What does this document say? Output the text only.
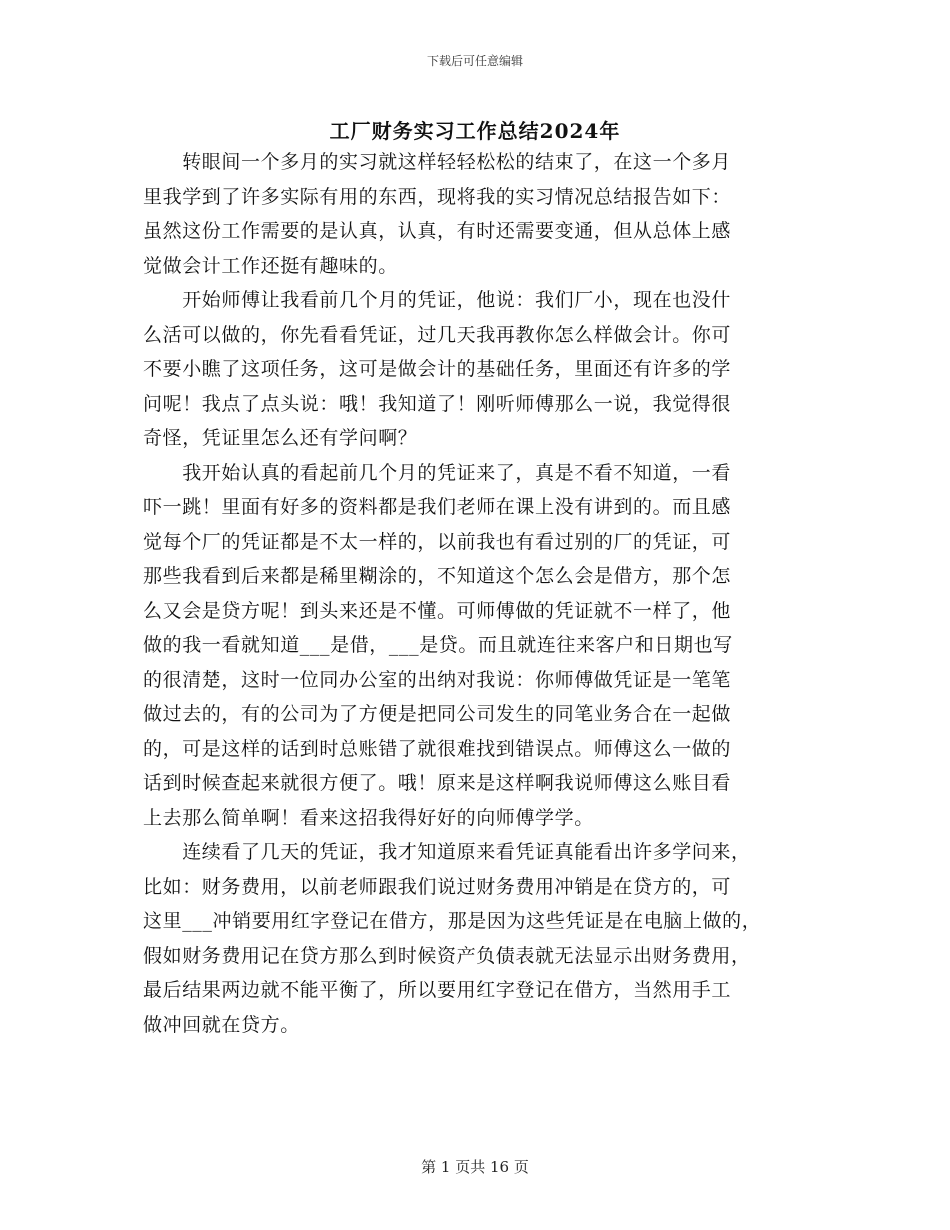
下载后可任意编辑
工厂财务实习工作总结2024年
　　转眼间一个多月的实习就这样轻轻松松的结束了，在这一个多月
里我学到了许多实际有用的东西，现将我的实习情况总结报告如下：
虽然这份工作需要的是认真，认真，有时还需要变通，但从总体上感
觉做会计工作还挺有趣味的。
　　开始师傅让我看前几个月的凭证，他说：我们厂小，现在也没什
么活可以做的，你先看看凭证，过几天我再教你怎么样做会计。你可
不要小瞧了这项任务，这可是做会计的基础任务，里面还有许多的学
问呢！我点了点头说：哦！我知道了！刚听师傅那么一说，我觉得很
奇怪，凭证里怎么还有学问啊？
　　我开始认真的看起前几个月的凭证来了，真是不看不知道，一看
吓一跳！里面有好多的资料都是我们老师在课上没有讲到的。而且感
觉每个厂的凭证都是不太一样的，以前我也有看过别的厂的凭证，可
那些我看到后来都是稀里糊涂的，不知道这个怎么会是借方，那个怎
么又会是贷方呢！到头来还是不懂。可师傅做的凭证就不一样了，他
做的我一看就知道___是借，___是贷。而且就连往来客户和日期也写
的很清楚，这时一位同办公室的出纳对我说：你师傅做凭证是一笔笔
做过去的，有的公司为了方便是把同公司发生的同笔业务合在一起做
的，可是这样的话到时总账错了就很难找到错误点。师傅这么一做的
话到时候查起来就很方便了。哦！原来是这样啊我说师傅这么账目看
上去那么简单啊！看来这招我得好好的向师傅学学。
　　连续看了几天的凭证，我才知道原来看凭证真能看出许多学问来，
比如：财务费用，以前老师跟我们说过财务费用冲销是在贷方的，可
这里___冲销要用红字登记在借方，那是因为这些凭证是在电脑上做的，
假如财务费用记在贷方那么到时候资产负债表就无法显示出财务费用，
最后结果两边就不能平衡了，所以要用红字登记在借方，当然用手工
做冲回就在贷方。
第 1 页共 16 页
